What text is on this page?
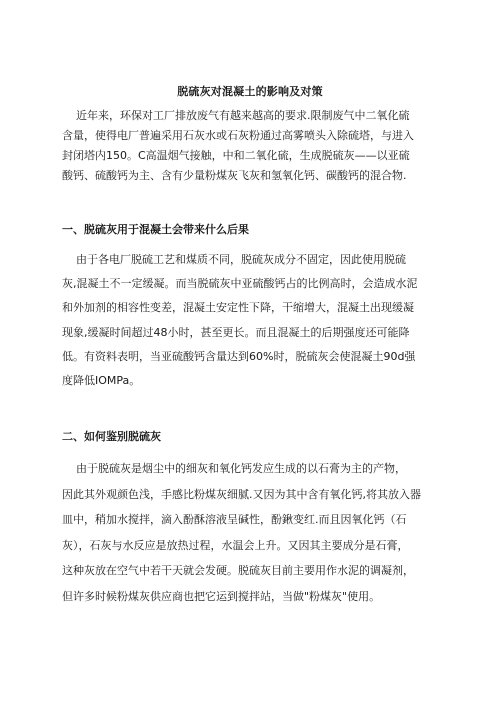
脱硫灰对混凝土的影响及对策

近年来，环保对工厂排放废气有越来越高的要求.限制废气中二氧化硫
含量，使得电厂普遍采用石灰水或石灰粉通过高雾喷头入除硫塔，与进入
封闭塔内150。C高温烟气接触，中和二氧化硫，生成脱硫灰——以亚硫
酸钙、硫酸钙为主、含有少量粉煤灰飞灰和氢氧化钙、碳酸钙的混合物.

一、脱硫灰用于混凝土会带来什么后果

由于各电厂脱硫工艺和煤质不同，脱硫灰成分不固定，因此使用脱硫
灰,混凝土不一定缓凝。而当脱硫灰中亚硫酸钙占的比例高时，会造成水泥
和外加剂的相容性变差，混凝土安定性下降，干缩增大，混凝土出现缓凝
现象,缓凝时间超过48小时，甚至更长。而且混凝土的后期强度还可能降
低。有资料表明，当亚硫酸钙含量达到60%时，脱硫灰会使混凝土90d强
度降低IOMPa。

二、如何鉴别脱硫灰

由于脱硫灰是烟尘中的细灰和氧化钙发应生成的以石膏为主的产物，
因此其外观颜色浅，手感比粉煤灰细腻.又因为其中含有氧化钙,将其放入器
皿中，稍加水搅拌，滴入酚酥溶液呈碱性，酚鍬变红.而且因氧化钙（石
灰），石灰与水反应是放热过程，水温会上升。又因其主要成分是石膏，
这种灰放在空气中若干天就会发硬。脱硫灰目前主要用作水泥的调凝剂，
但许多时候粉煤灰供应商也把它运到搅拌站，当做"粉煤灰"使用。
